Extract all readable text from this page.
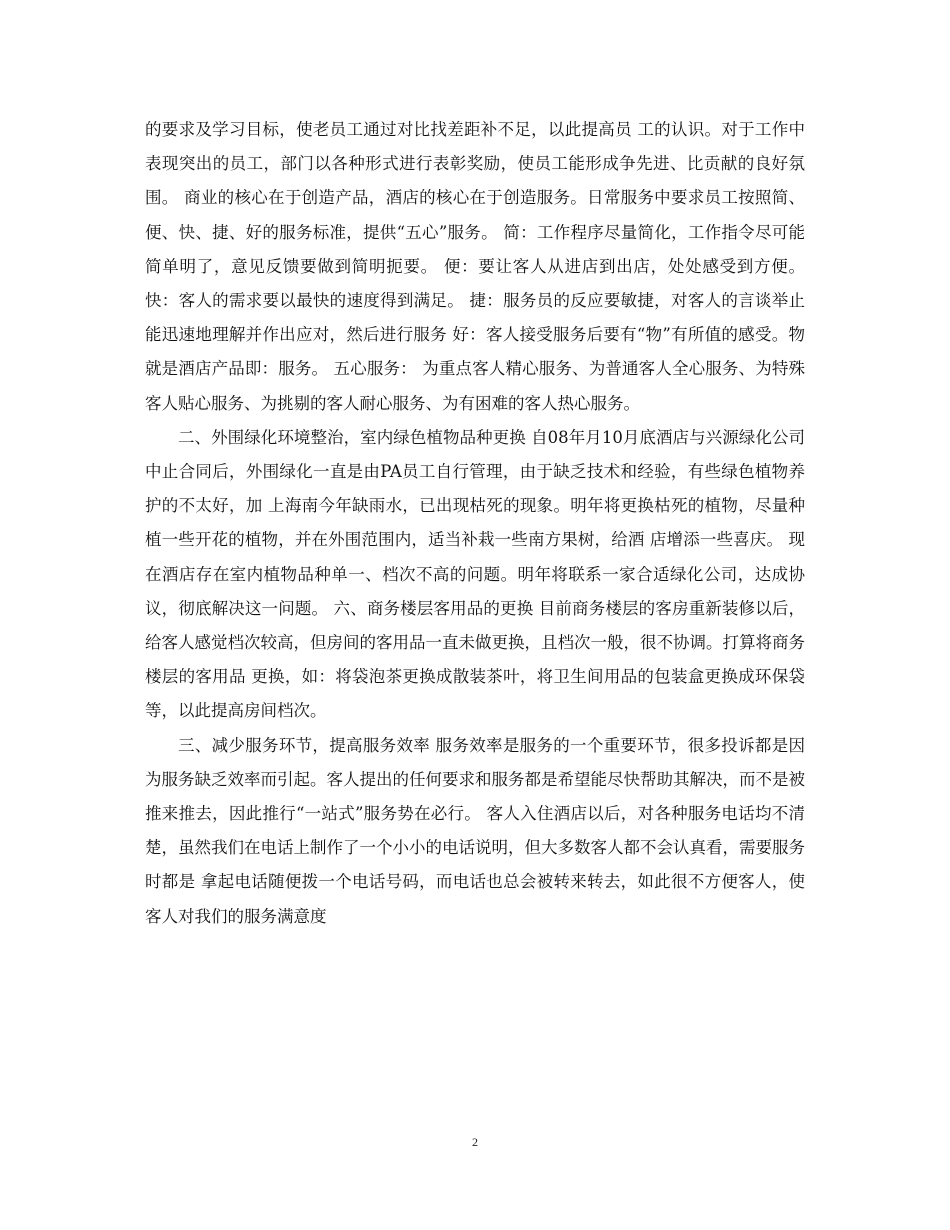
的要求及学习目标，使老员工通过对比找差距补不足，以此提高员 工的认识。对于工作中表现突出的员工，部门以各种形式进行表彰奖励，使员工能形成争先进、比贡献的良好氛围。 商业的核心在于创造产品，酒店的核心在于创造服务。日常服务中要求员工按照简、便、快、捷、好的服务标准，提供“五心”服务。 简：工作程序尽量简化，工作指令尽可能简单明了，意见反馈要做到简明扼要。 便：要让客人从进店到出店，处处感受到方便。 快：客人的需求要以最快的速度得到满足。 捷：服务员的反应要敏捷，对客人的言谈举止能迅速地理解并作出应对，然后进行服务 好：客人接受服务后要有“物”有所值的感受。物就是酒店产品即：服务。 五心服务： 为重点客人精心服务、为普通客人全心服务、为特殊客人贴心服务、为挑剔的客人耐心服务、为有困难的客人热心服务。

二、外围绿化环境整治，室内绿色植物品种更换 自08年月10月底酒店与兴源绿化公司中止合同后，外围绿化一直是由PA员工自行管理，由于缺乏技术和经验，有些绿色植物养护的不太好，加 上海南今年缺雨水，已出现枯死的现象。明年将更换枯死的植物，尽量种植一些开花的植物，并在外围范围内，适当补栽一些南方果树，给酒 店增添一些喜庆。 现在酒店存在室内植物品种单一、档次不高的问题。明年将联系一家合适绿化公司，达成协议，彻底解决这一问题。 六、商务楼层客用品的更换 目前商务楼层的客房重新装修以后，给客人感觉档次较高，但房间的客用品一直未做更换，且档次一般，很不协调。打算将商务楼层的客用品 更换，如：将袋泡茶更换成散装茶叶，将卫生间用品的包装盒更换成环保袋等，以此提高房间档次。

三、减少服务环节，提高服务效率 服务效率是服务的一个重要环节，很多投诉都是因为服务缺乏效率而引起。客人提出的任何要求和服务都是希望能尽快帮助其解决，而不是被 推来推去，因此推行“一站式”服务势在必行。 客人入住酒店以后，对各种服务电话均不清楚，虽然我们在电话上制作了一个小小的电话说明，但大多数客人都不会认真看，需要服务时都是 拿起电话随便拨一个电话号码，而电话也总会被转来转去，如此很不方便客人，使客人对我们的服务满意度

2
